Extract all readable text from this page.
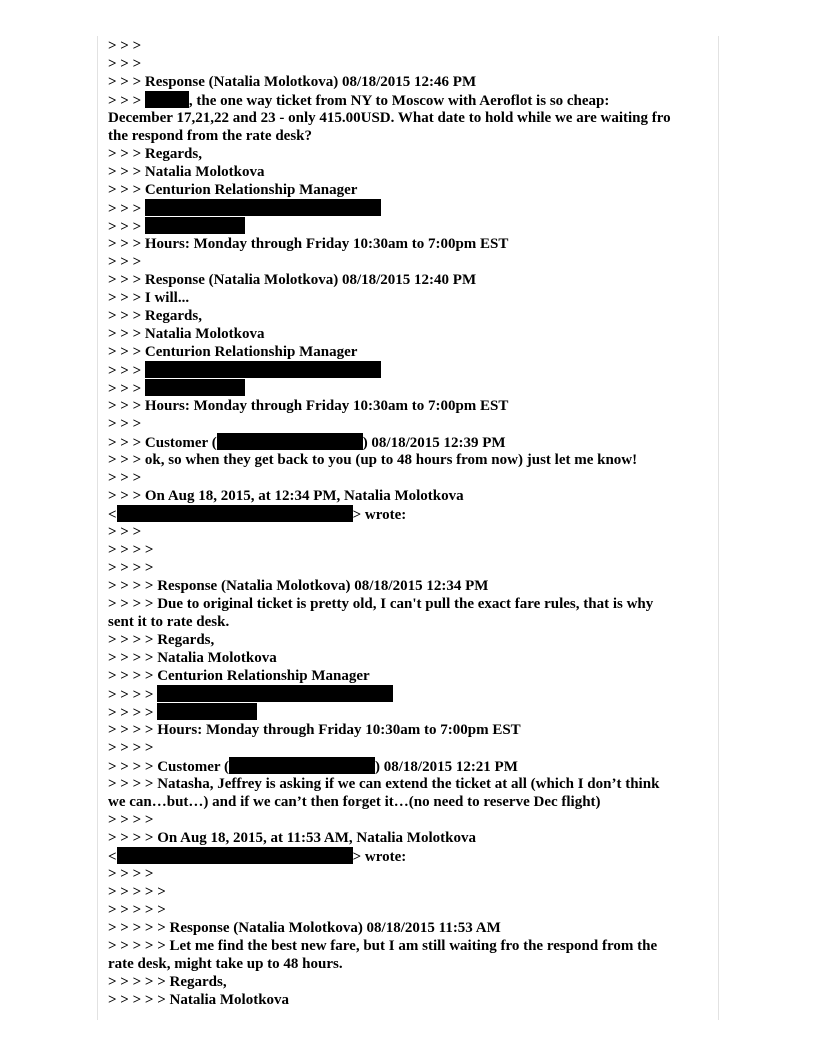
> > >
> > >
> > > Response (Natalia Molotkova) 08/18/2015 12:46 PM
> > >	, the one way ticket from NY to Moscow with Aeroflot is so cheap:
December 17,21,22 and 23 - only 415.00USD. What date to hold while we are waiting fro
the respond from the rate desk?
> > > Regards,
> > > Natalia Molotkova
> > > Centurion Relationship Manager
> > >
> > >
> > > Hours: Monday through Friday 10:30am to 7:00pm EST
> > >
> > > Response (Natalia Molotkova) 08/18/2015 12:40 PM
> > > I will...
> > > Regards,
> > > Natalia Molotkova
> > > Centurion Relationship Manager
> > >
> > >
> > > Hours: Monday through Friday 10:30am to 7:00pm EST
> > >
> > > Customer (	) 08/18/2015 12:39 PM
> > > ok, so when they get back to you (up to 48 hours from now) just let me know!
> > >
> > > On Aug 18, 2015, at 12:34 PM, Natalia Molotkova
<	> wrote:
> > >
> > > >
> > > >
> > > > Response (Natalia Molotkova) 08/18/2015 12:34 PM
> > > > Due to original ticket is pretty old, I can't pull the exact fare rules, that is why
sent it to rate desk.
> > > > Regards,
> > > > Natalia Molotkova
> > > > Centurion Relationship Manager
> > > >
> > > >
> > > > Hours: Monday through Friday 10:30am to 7:00pm EST
> > > >
> > > > Customer (	) 08/18/2015 12:21 PM
> > > > Natasha, Jeffrey is asking if we can extend the ticket at all (which I don’t think
we can…but…) and if we can’t then forget it…(no need to reserve Dec flight)
> > > >
> > > > On Aug 18, 2015, at 11:53 AM, Natalia Molotkova
<	> wrote:
> > > >
> > > > >
> > > > >
> > > > > Response (Natalia Molotkova) 08/18/2015 11:53 AM
> > > > > Let me find the best new fare, but I am still waiting fro the respond from the
rate desk, might take up to 48 hours.
> > > > > Regards,
> > > > > Natalia Molotkova
